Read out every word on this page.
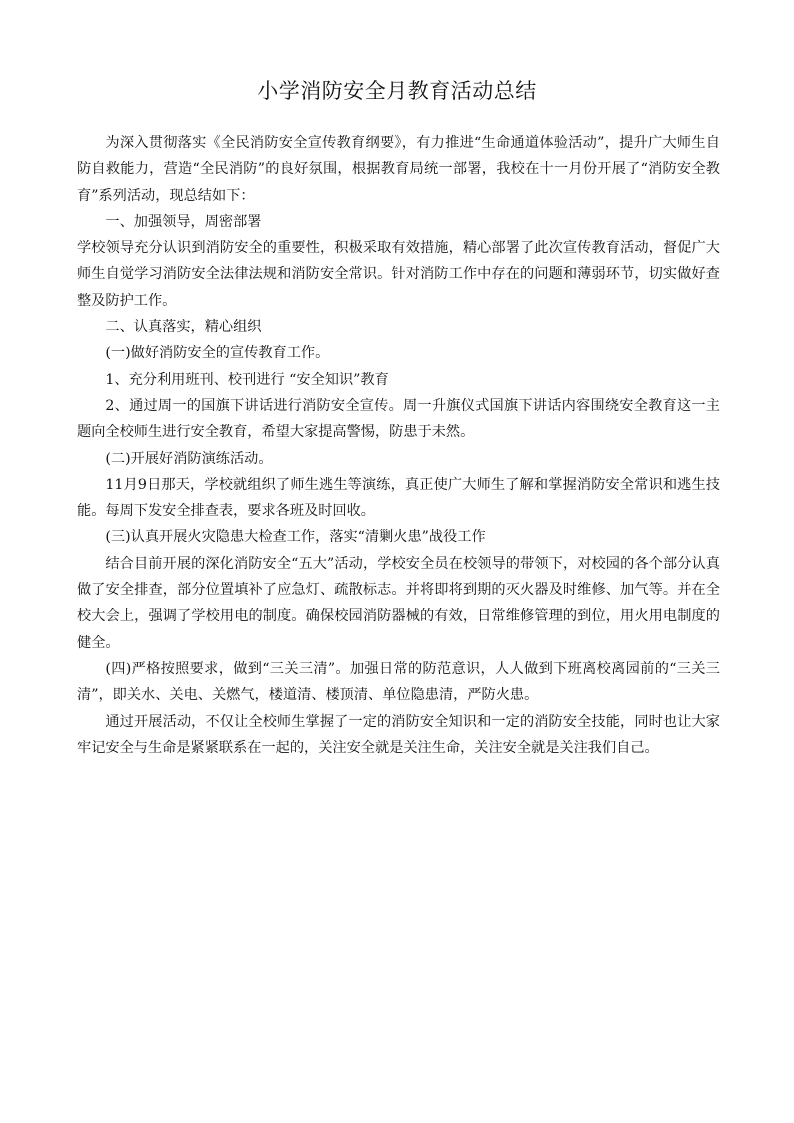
小学消防安全月教育活动总结

为深入贯彻落实《全民消防安全宣传教育纲要》，有力推进“生命通道体验活动”，提升广大师生自防自救能力，营造“全民消防”的良好氛围，根据教育局统一部署，我校在十一月份开展了“消防安全教育”系列活动，现总结如下：

一、加强领导，周密部署

学校领导充分认识到消防安全的重要性，积极采取有效措施，精心部署了此次宣传教育活动，督促广大师生自觉学习消防安全法律法规和消防安全常识。针对消防工作中存在的问题和薄弱环节，切实做好查整及防护工作。

二、认真落实，精心组织

(一)做好消防安全的宣传教育工作。

1、充分利用班刊、校刊进行 “安全知识”教育

2、通过周一的国旗下讲话进行消防安全宣传。周一升旗仪式国旗下讲话内容围绕安全教育这一主题向全校师生进行安全教育，希望大家提高警惕，防患于未然。

(二)开展好消防演练活动。

11月9日那天，学校就组织了师生逃生等演练，真正使广大师生了解和掌握消防安全常识和逃生技能。每周下发安全排查表，要求各班及时回收。

(三)认真开展火灾隐患大检查工作，落实“清剿火患”战役工作

结合目前开展的深化消防安全“五大”活动，学校安全员在校领导的带领下，对校园的各个部分认真做了安全排查，部分位置填补了应急灯、疏散标志。并将即将到期的灭火器及时维修、加气等。并在全校大会上，强调了学校用电的制度。确保校园消防器械的有效，日常维修管理的到位，用火用电制度的健全。

(四)严格按照要求，做到“三关三清”。加强日常的防范意识，人人做到下班离校离园前的“三关三清”，即关水、关电、关燃气，楼道清、楼顶清、单位隐患清，严防火患。

通过开展活动，不仅让全校师生掌握了一定的消防安全知识和一定的消防安全技能，同时也让大家牢记安全与生命是紧紧联系在一起的，关注安全就是关注生命，关注安全就是关注我们自己。
